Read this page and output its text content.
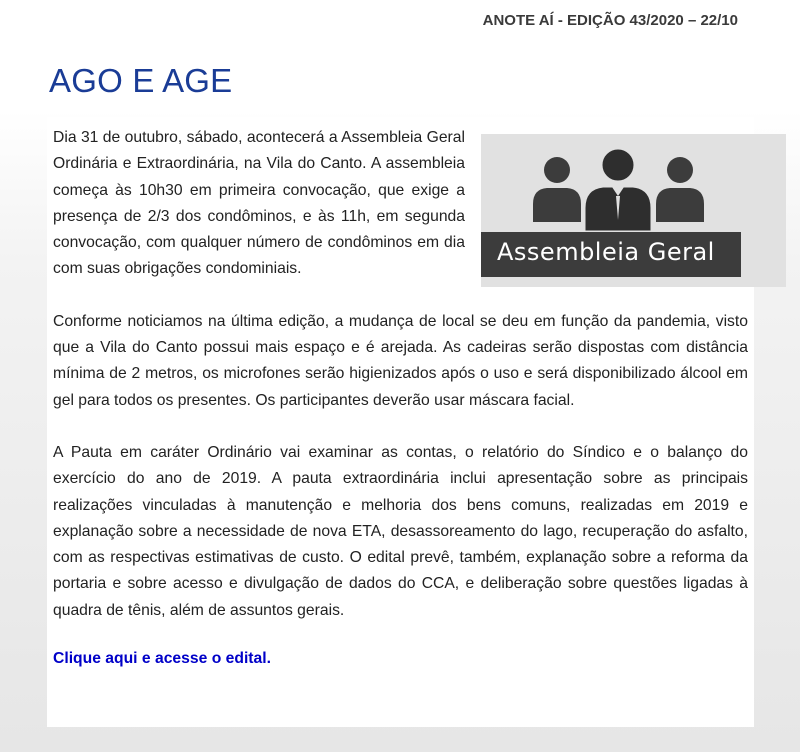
ANOTE AÍ - EDIÇÃO 43/2020 – 22/10
AGO E AGE
Assembleia Geral

Dia 31 de outubro, sábado, acontecerá a Assembleia Geral Ordinária e Extraordinária, na Vila do Canto. A assembleia começa às 10h30 em primeira convocação, que exige a presença de 2/3 dos condôminos, e às 11h, em segunda convocação, com qualquer número de condôminos em dia com suas obrigações condominiais.

Conforme noticiamos na última edição, a mudança de local se deu em função da pandemia, visto que a Vila do Canto possui mais espaço e é arejada. As cadeiras serão dispostas com distância mínima de 2 metros, os microfones serão higienizados após o uso e será disponibilizado álcool em gel para todos os presentes. Os participantes deverão usar máscara facial.

A Pauta em caráter Ordinário vai examinar as contas, o relatório do Síndico e o balanço do exercício do ano de 2019. A pauta extraordinária inclui apresentação sobre as principais realizações vinculadas à manutenção e melhoria dos bens comuns, realizadas em 2019 e explanação sobre a necessidade de nova ETA, desassoreamento do lago, recuperação do asfalto, com as respectivas estimativas de custo. O edital prevê, também, explanação sobre a reforma da portaria e sobre acesso e divulgação de dados do CCA, e deliberação sobre questões ligadas à quadra de tênis, além de assuntos gerais.

Clique aqui e acesse o edital.
